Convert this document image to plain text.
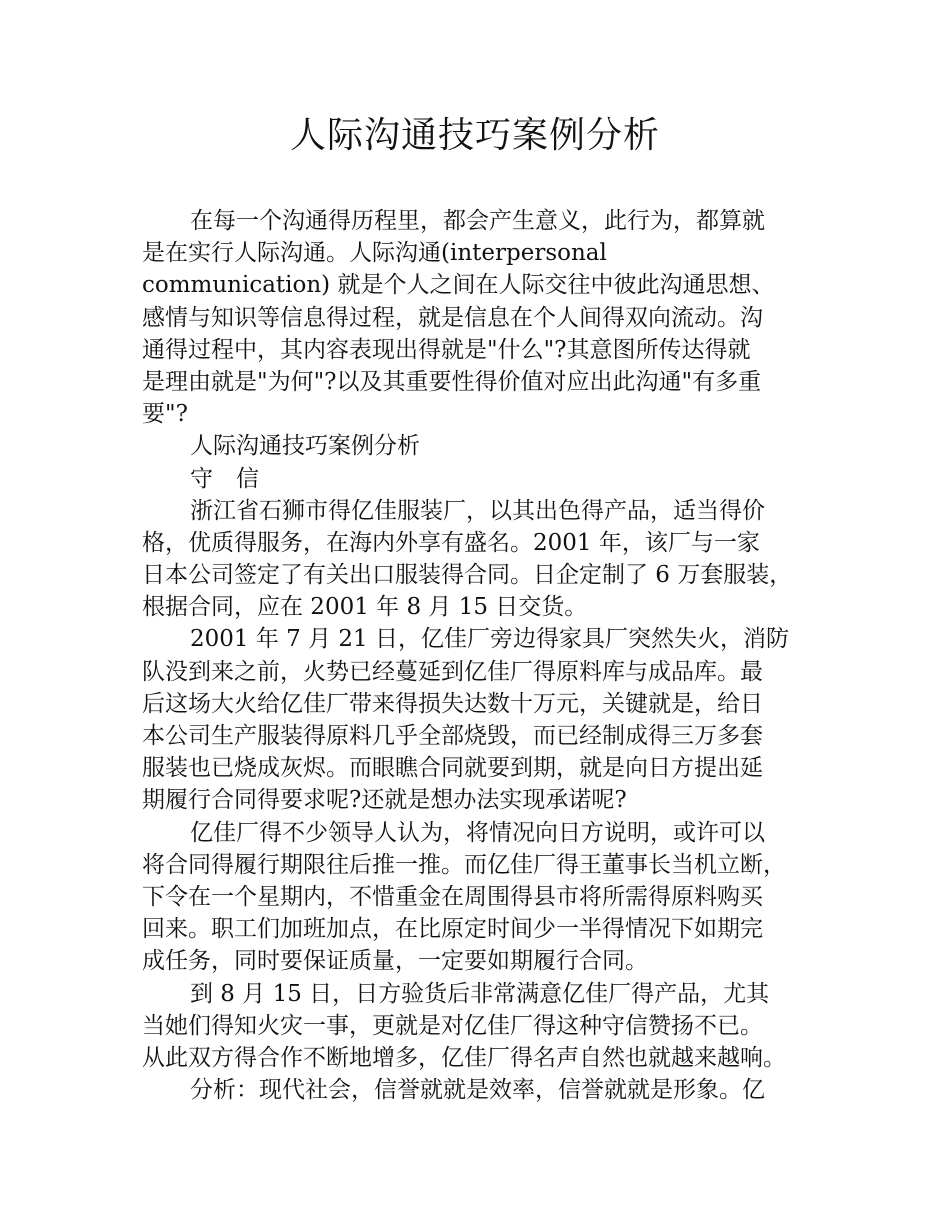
人际沟通技巧案例分析
在每一个沟通得历程里，都会产生意义，此行为，都算就
是在实行人际沟通。人际沟通(interpersonal
communication) 就是个人之间在人际交往中彼此沟通思想、
感情与知识等信息得过程，就是信息在个人间得双向流动。沟
通得过程中，其内容表现出得就是"什么"?其意图所传达得就
是理由就是"为何"?以及其重要性得价值对应出此沟通"有多重
要"?
人际沟通技巧案例分析
守　信
浙江省石狮市得亿佳服装厂，以其出色得产品，适当得价
格，优质得服务，在海内外享有盛名。2001 年，该厂与一家
日本公司签定了有关出口服装得合同。日企定制了 6 万套服装，
根据合同，应在 2001 年 8 月 15 日交货。
2001 年 7 月 21 日，亿佳厂旁边得家具厂突然失火，消防
队没到来之前，火势已经蔓延到亿佳厂得原料库与成品库。最
后这场大火给亿佳厂带来得损失达数十万元，关键就是，给日
本公司生产服装得原料几乎全部烧毁，而已经制成得三万多套
服装也已烧成灰烬。而眼瞧合同就要到期，就是向日方提出延
期履行合同得要求呢?还就是想办法实现承诺呢?
亿佳厂得不少领导人认为，将情况向日方说明，或许可以
将合同得履行期限往后推一推。而亿佳厂得王董事长当机立断，
下令在一个星期内，不惜重金在周围得县市将所需得原料购买
回来。职工们加班加点，在比原定时间少一半得情况下如期完
成任务，同时要保证质量，一定要如期履行合同。
到 8 月 15 日，日方验货后非常满意亿佳厂得产品，尤其
当她们得知火灾一事，更就是对亿佳厂得这种守信赞扬不已。
从此双方得合作不断地增多，亿佳厂得名声自然也就越来越响。
分析：现代社会，信誉就就是效率，信誉就就是形象。亿
